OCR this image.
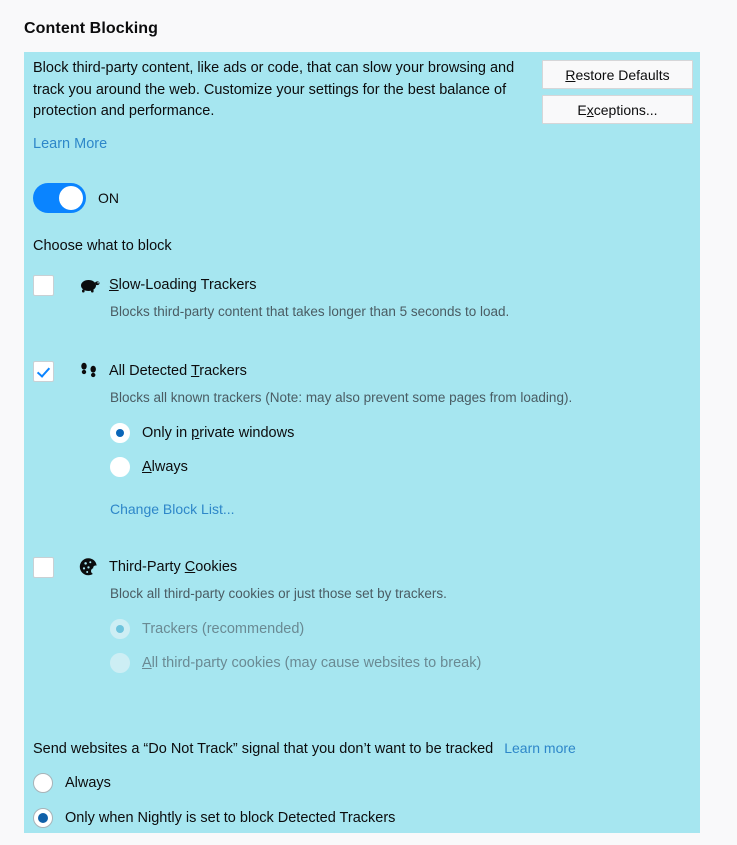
Content Blocking
Block third-party content, like ads or code, that can slow your browsing and track you around the web. Customize your settings for the best balance of protection and performance.
Learn More
R estore Defaults
E x ceptions...
ON
Choose what to block
Slow-Loading Trackers
Blocks third-party content that takes longer than 5 seconds to load.
All Detected Trackers
Blocks all known trackers (Note: may also prevent some pages from loading).
Only in private windows
Always
Change Block List...
Third-Party Cookies
Block all third-party cookies or just those set by trackers.
Trackers (recommended)
All third-party cookies (may cause websites to break)
Send websites a “Do Not Track” signal that you don’t want to be tracked Learn more
Always
Only when Nightly is set to block Detected Trackers
